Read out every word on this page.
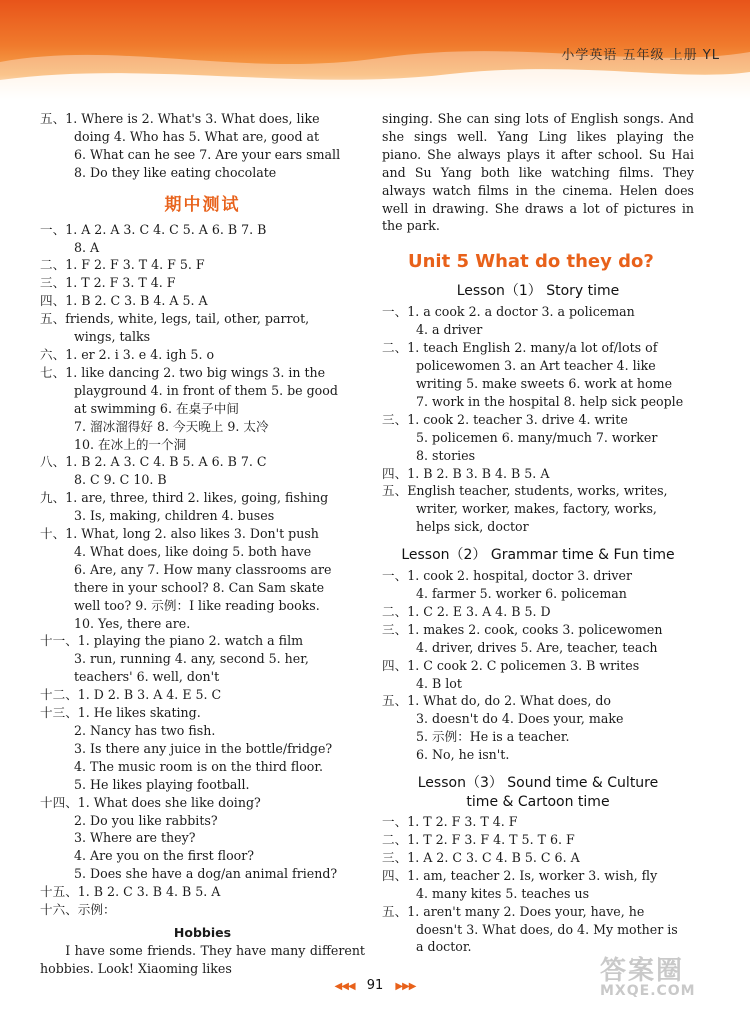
小学英语 五年级 上册 YL
五、1. Where is 2. What's 3. What does, like
doing 4. Who has 5. What are, good at
6. What can he see 7. Are your ears small
8. Do they like eating chocolate
期中测试
一、1. A 2. A 3. C 4. C 5. A 6. B 7. B
8. A
二、1. F 2. F 3. T 4. F 5. F
三、1. T 2. F 3. T 4. F
四、1. B 2. C 3. B 4. A 5. A
五、friends, white, legs, tail, other, parrot,
wings, talks
六、1. er 2. i 3. e 4. igh 5. o
七、1. like dancing 2. two big wings 3. in the
playground 4. in front of them 5. be good
at swimming 6. 在桌子中间
7. 溜冰溜得好 8. 今天晚上 9. 太冷
10. 在冰上的一个洞
八、1. B 2. A 3. C 4. B 5. A 6. B 7. C
8. C 9. C 10. B
九、1. are, three, third 2. likes, going, fishing
3. Is, making, children 4. buses
十、1. What, long 2. also likes 3. Don't push
4. What does, like doing 5. both have
6. Are, any 7. How many classrooms are
there in your school? 8. Can Sam skate
well too? 9. 示例：I like reading books.
10. Yes, there are.
十一、1. playing the piano 2. watch a film
3. run, running 4. any, second 5. her,
teachers' 6. well, don't
十二、1. D 2. B 3. A 4. E 5. C
十三、1. He likes skating.
2. Nancy has two fish.
3. Is there any juice in the bottle/fridge?
4. The music room is on the third floor.
5. He likes playing football.
十四、1. What does she like doing?
2. Do you like rabbits?
3. Where are they?
4. Are you on the first floor?
5. Does she have a dog/an animal friend?
十五、1. B 2. C 3. B 4. B 5. A
十六、示例：
Hobbies
I have some friends. They have many different hobbies. Look! Xiaoming likes
singing. She can sing lots of English songs. And she sings well. Yang Ling likes playing the piano. She always plays it after school. Su Hai and Su Yang both like watching films. They always watch films in the cinema. Helen does well in drawing. She draws a lot of pictures in the park.
Unit 5 What do they do?
Lesson（1） Story time
一、1. a cook 2. a doctor 3. a policeman
4. a driver
二、1. teach English 2. many/a lot of/lots of
policewomen 3. an Art teacher 4. like
writing 5. make sweets 6. work at home
7. work in the hospital 8. help sick people
三、1. cook 2. teacher 3. drive 4. write
5. policemen 6. many/much 7. worker
8. stories
四、1. B 2. B 3. B 4. B 5. A
五、English teacher, students, works, writes,
writer, worker, makes, factory, works,
helps sick, doctor
Lesson（2） Grammar time & Fun time
一、1. cook 2. hospital, doctor 3. driver
4. farmer 5. worker 6. policeman
二、1. C 2. E 3. A 4. B 5. D
三、1. makes 2. cook, cooks 3. policewomen
4. driver, drives 5. Are, teacher, teach
四、1. C cook 2. C policemen 3. B writes
4. B lot
五、1. What do, do 2. What does, do
3. doesn't do 4. Does your, make
5. 示例：He is a teacher.
6. No, he isn't.
Lesson（3） Sound time & Culture
time & Cartoon time
一、1. T 2. F 3. T 4. F
二、1. T 2. F 3. F 4. T 5. T 6. F
三、1. A 2. C 3. C 4. B 5. C 6. A
四、1. am, teacher 2. Is, worker 3. wish, fly
4. many kites 5. teaches us
五、1. aren't many 2. Does your, have, he
doesn't 3. What does, do 4. My mother is
a doctor.
◀◀◀ 91 ▶▶▶
答案圈
MXQE.COM
